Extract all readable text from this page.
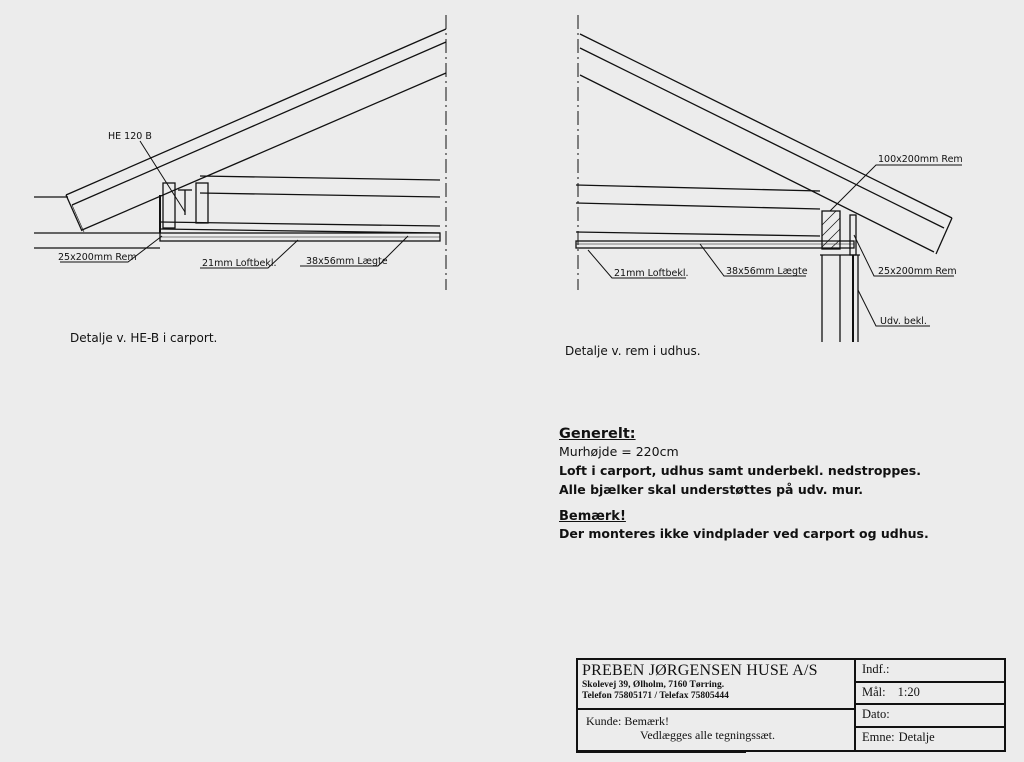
HE 120 B
25x200mm Rem
21mm Loftbekl.	38x56mm Lægte
100x200mm Rem
21mm Loftbekl.	38x56mm Lægte	25x200mm Rem
Udv. bekl.
Detalje v. HE-B i carport.
Detalje v. rem i udhus.
Generelt:
Murhøjde = 220cm
Loft i carport, udhus samt underbekl. nedstroppes.
Alle bjælker skal understøttes på udv. mur.
Bemærk!
Der monteres ikke vindplader ved carport og udhus.
PREBEN JØRGENSEN HUSE A/S
Skolevej 39, Ølholm, 7160 Tørring.
Telefon 75805171 / Telefax 75805444
Kunde: Bemærk!
Vedlægges alle tegningssæt.
Indf.:
Mål: 1:20
Dato:
Emne: Detalje
